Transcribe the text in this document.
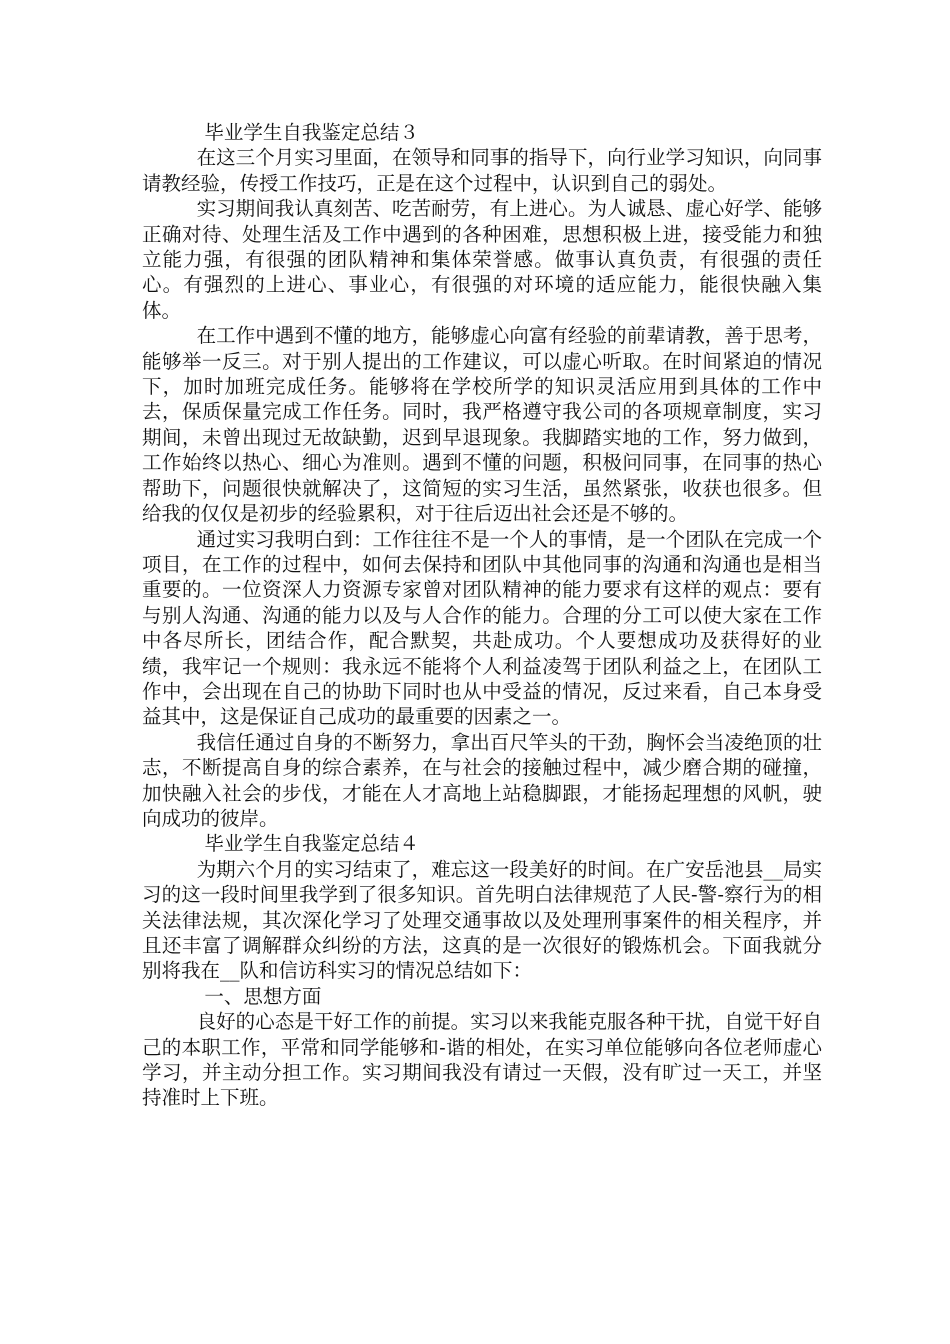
毕业学生自我鉴定总结３

在这三个月实习里面，在领导和同事的指导下，向行业学习知识，向同事请教经验，传授工作技巧，正是在这个过程中，认识到自己的弱处。

实习期间我认真刻苦、吃苦耐劳，有上进心。为人诚恳、虚心好学、能够正确对待、处理生活及工作中遇到的各种困难，思想积极上进，接受能力和独立能力强，有很强的团队精神和集体荣誉感。做事认真负责，有很强的责任心。有强烈的上进心、事业心，有很强的对环境的适应能力，能很快融入集体。

在工作中遇到不懂的地方，能够虚心向富有经验的前辈请教，善于思考，能够举一反三。对于别人提出的工作建议，可以虚心听取。在时间紧迫的情况下，加时加班完成任务。能够将在学校所学的知识灵活应用到具体的工作中去，保质保量完成工作任务。同时，我严格遵守我公司的各项规章制度，实习期间，未曾出现过无故缺勤，迟到早退现象。我脚踏实地的工作，努力做到，工作始终以热心、细心为准则。遇到不懂的问题，积极问同事，在同事的热心帮助下，问题很快就解决了，这简短的实习生活，虽然紧张，收获也很多。但给我的仅仅是初步的经验累积，对于往后迈出社会还是不够的。

通过实习我明白到：工作往往不是一个人的事情，是一个团队在完成一个项目，在工作的过程中，如何去保持和团队中其他同事的沟通和沟通也是相当重要的。一位资深人力资源专家曾对团队精神的能力要求有这样的观点：要有与别人沟通、沟通的能力以及与人合作的能力。合理的分工可以使大家在工作中各尽所长，团结合作，配合默契，共赴成功。个人要想成功及获得好的业绩，我牢记一个规则：我永远不能将个人利益凌驾于团队利益之上，在团队工作中，会出现在自己的协助下同时也从中受益的情况，反过来看，自己本身受益其中，这是保证自己成功的最重要的因素之一。

我信任通过自身的不断努力，拿出百尺竿头的干劲，胸怀会当凌绝顶的壮志，不断提高自身的综合素养，在与社会的接触过程中，减少磨合期的碰撞，加快融入社会的步伐，才能在人才高地上站稳脚跟，才能扬起理想的风帆，驶向成功的彼岸。

毕业学生自我鉴定总结４

为期六个月的实习结束了，难忘这一段美好的时间。在广安岳池县__局实习的这一段时间里我学到了很多知识。首先明白法律规范了人民-警-察行为的相关法律法规，其次深化学习了处理交通事故以及处理刑事案件的相关程序，并且还丰富了调解群众纠纷的方法，这真的是一次很好的锻炼机会。下面我就分别将我在__队和信访科实习的情况总结如下：

一、思想方面

良好的心态是干好工作的前提。实习以来我能克服各种干扰，自觉干好自己的本职工作，平常和同学能够和-谐的相处，在实习单位能够向各位老师虚心学习，并主动分担工作。实习期间我没有请过一天假，没有旷过一天工，并坚持准时上下班。
